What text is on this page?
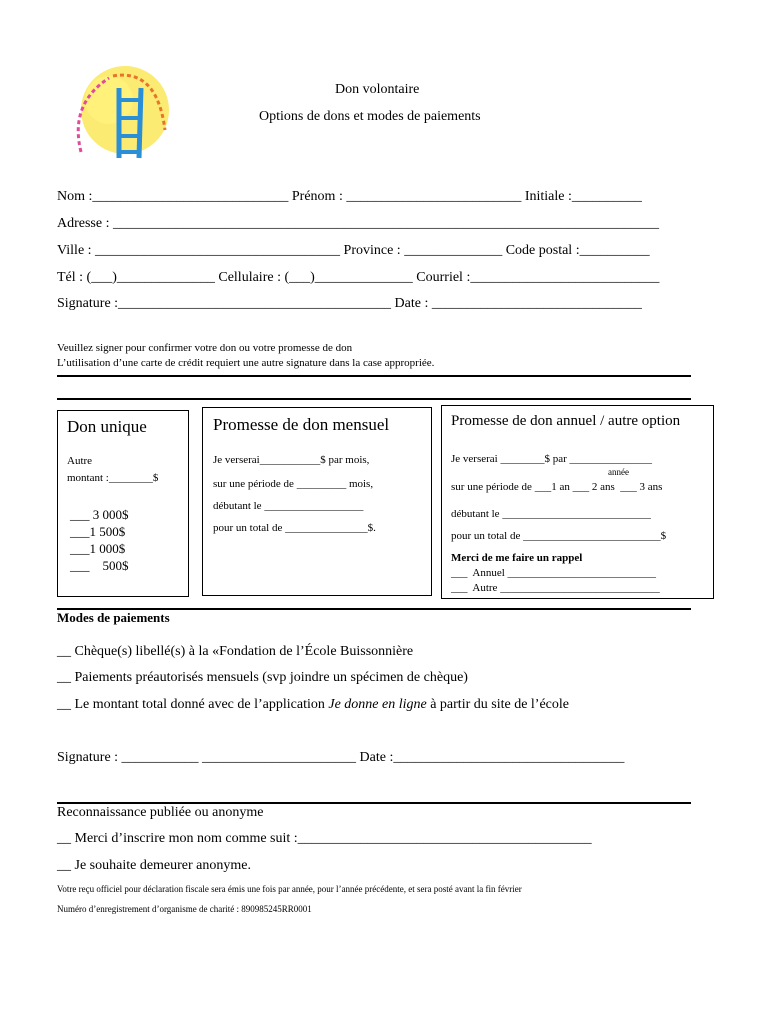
Don volontaire
Options de dons et modes de paiements
Nom :____________________________ Prénom : _________________________ Initiale :__________
Adresse : ______________________________________________________________________________
Ville : ___________________________________ Province : ______________ Code postal :__________
Tél : (___)______________ Cellulaire : (___)______________ Courriel :___________________________
Signature :_______________________________________ Date : ______________________________
Veuillez signer pour confirmer votre don ou votre promesse de don
L’utilisation d’une carte de crédit requiert une autre signature dans la case appropriée.
Don unique
Autre
montant :________$
___ 3 000$
___1 500$
___1 000$
___    500$
Promesse de don mensuel
Je verserai___________$ par mois,
sur une période de _________ mois,
débutant le __________________
pour un total de _______________$.
Promesse de don annuel / autre option
Je verserai ________$ par _______________
année
sur une période de ___1 an ___ 2 ans  ___ 3 ans
débutant le ___________________________
pour un total de _________________________$
Merci de me faire un rappel
___  Annuel ___________________________
___  Autre _____________________________
Modes de paiements
__ Chèque(s) libellé(s) à la «Fondation de l’École Buissonnière
__ Paiements préautorisés mensuels (svp joindre un spécimen de chèque)
__ Le montant total donné avec de l’application Je donne en ligne à partir du site de l’école
Signature : ___________ ______________________ Date :_________________________________
Reconnaissance publiée ou anonyme
__ Merci d’inscrire mon nom comme suit :__________________________________________
__ Je souhaite demeurer anonyme.
Votre reçu officiel pour déclaration fiscale sera émis une fois par année, pour l’année précédente, et sera posté avant la fin février
Numéro d’enregistrement d’organisme de charité : 890985245RR0001
